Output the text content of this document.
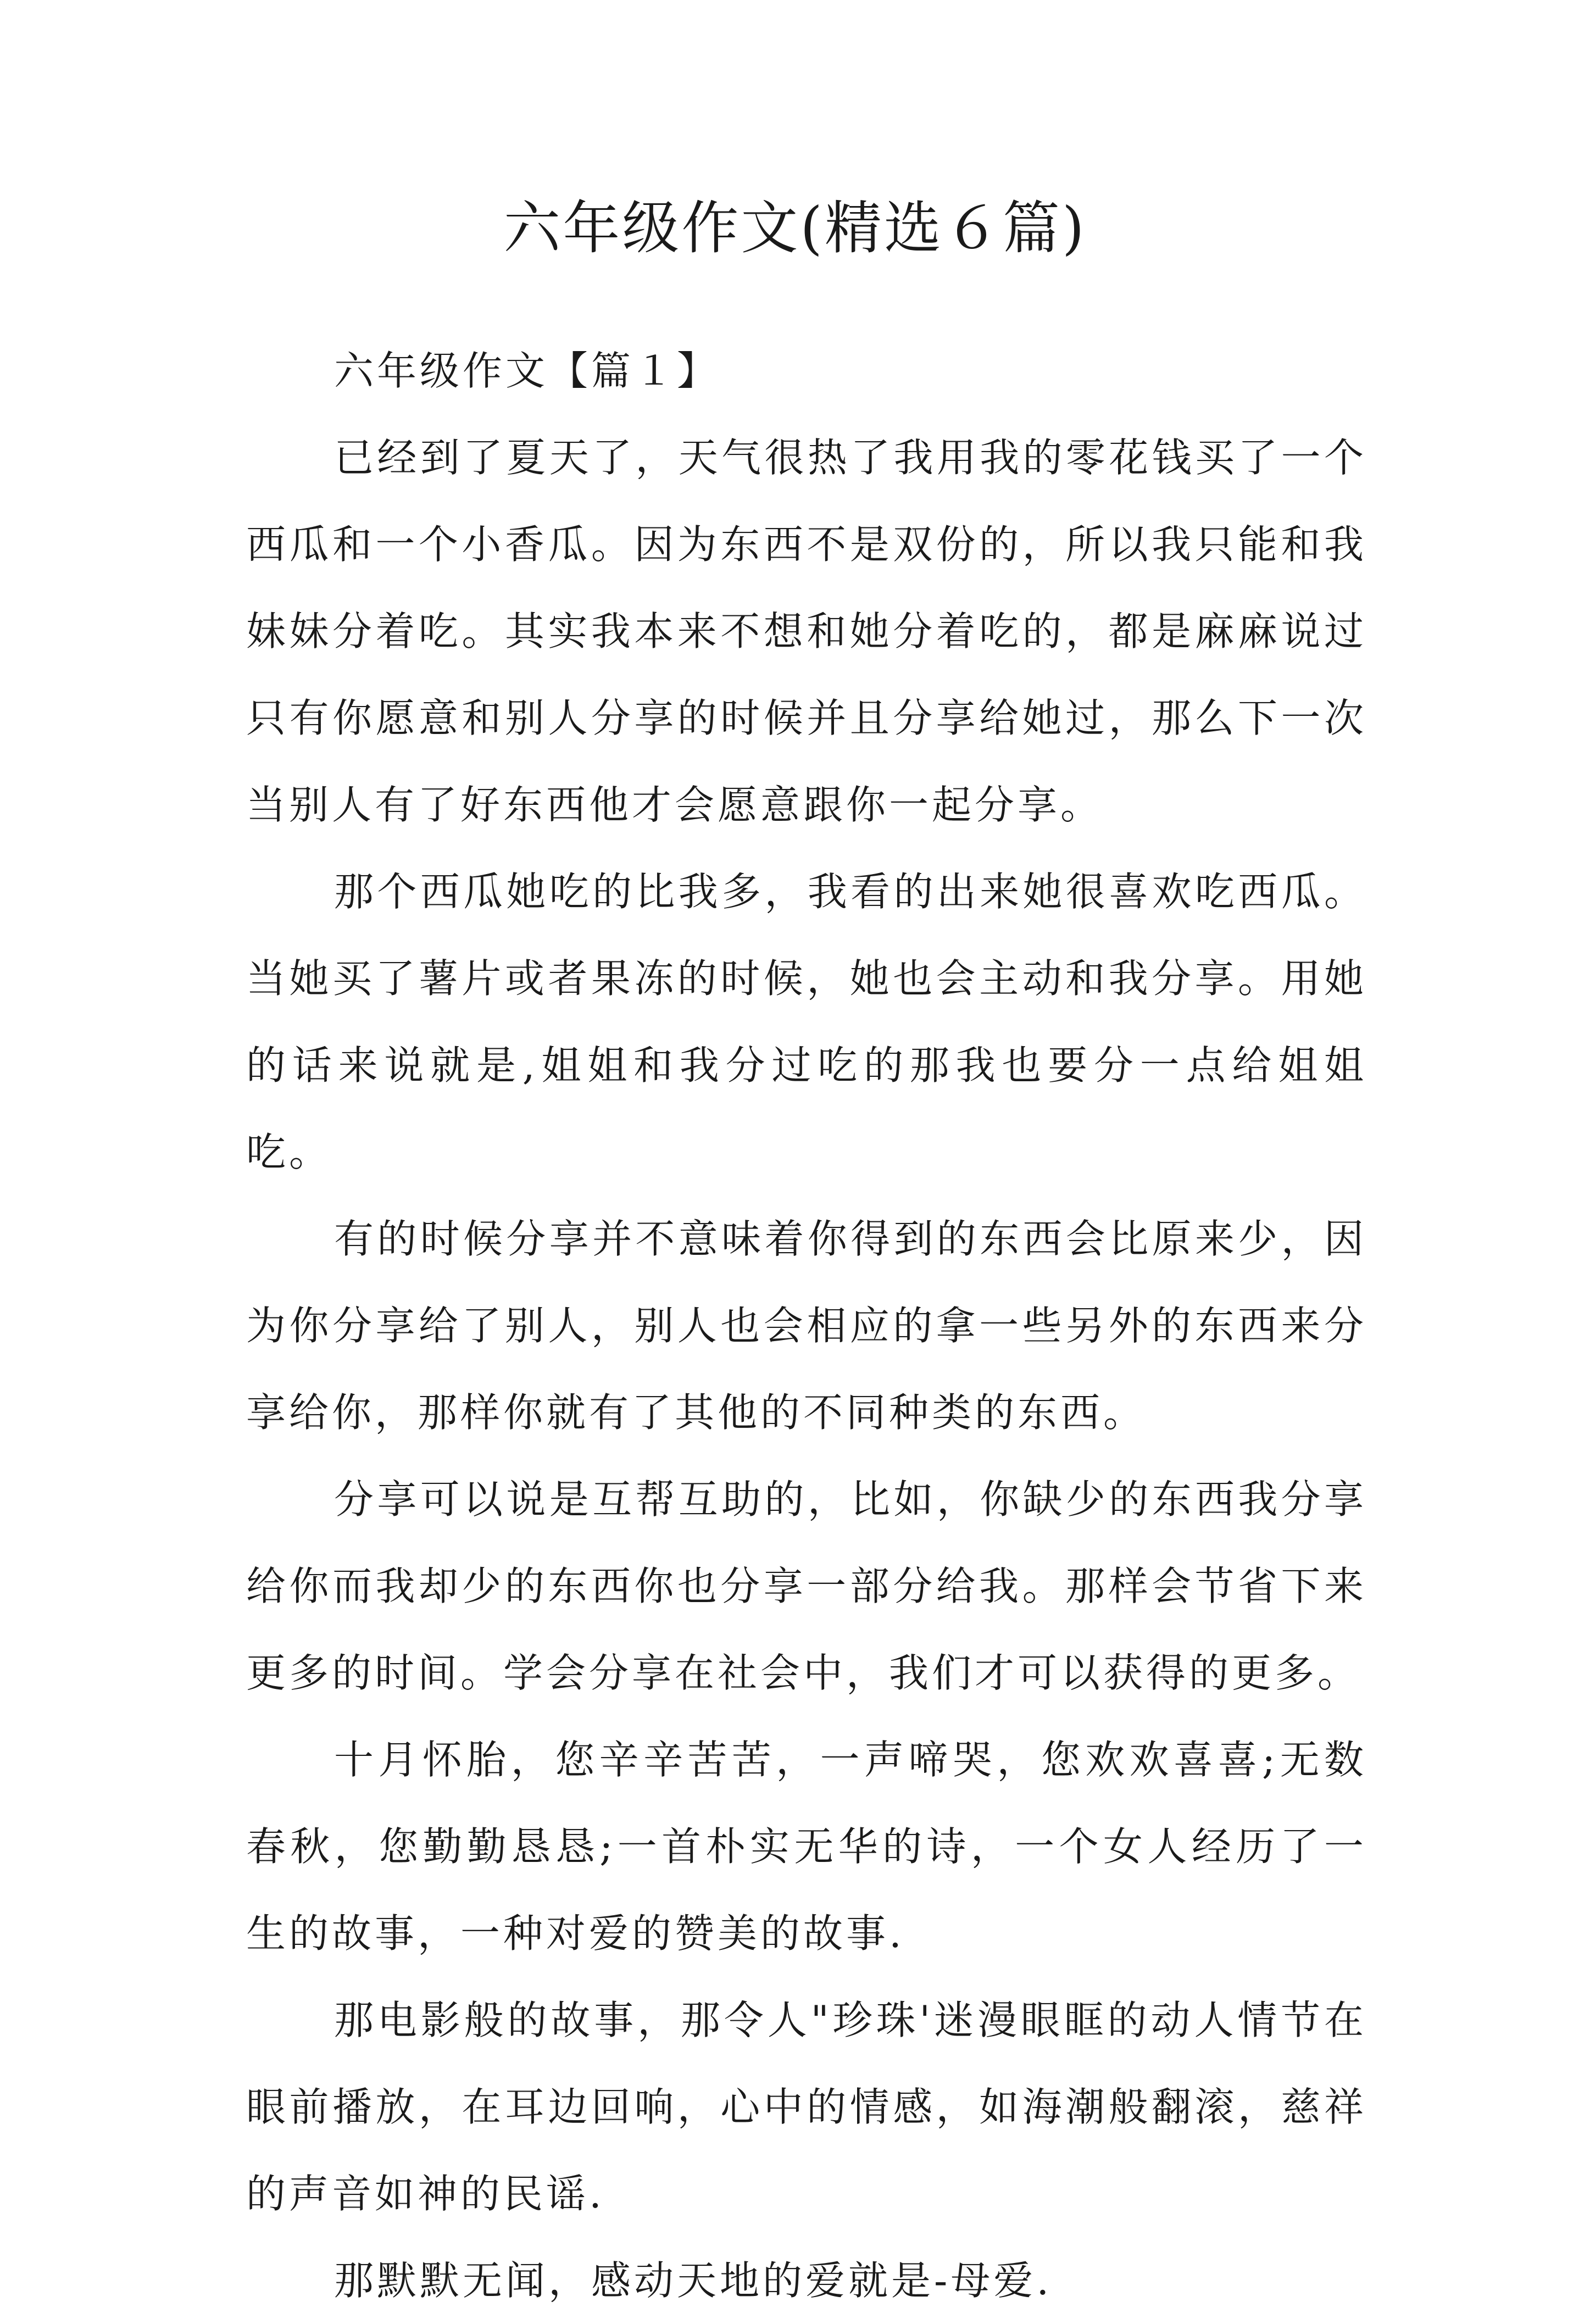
六年级作文(精选６篇)

六年级作文【篇１】

已经到了夏天了，天气很热了我用我的零花钱买了一个西瓜和一个小香瓜。因为东西不是双份的，所以我只能和我妹妹分着吃。其实我本来不想和她分着吃的，都是麻麻说过只有你愿意和别人分享的时候并且分享给她过，那么下一次当别人有了好东西他才会愿意跟你一起分享。

那个西瓜她吃的比我多，我看的出来她很喜欢吃西瓜。当她买了薯片或者果冻的时候，她也会主动和我分享。用她的话来说就是,姐姐和我分过吃的那我也要分一点给姐姐吃。

有的时候分享并不意味着你得到的东西会比原来少，因为你分享给了别人，别人也会相应的拿一些另外的东西来分享给你，那样你就有了其他的不同种类的东西。

分享可以说是互帮互助的，比如，你缺少的东西我分享给你而我却少的东西你也分享一部分给我。那样会节省下来更多的时间。学会分享在社会中，我们才可以获得的更多。

十月怀胎，您辛辛苦苦，一声啼哭，您欢欢喜喜;无数春秋，您勤勤恳恳;一首朴实无华的诗，一个女人经历了一生的故事，一种对爱的赞美的故事.

那电影般的故事，那令人"珍珠'迷漫眼眶的动人情节在眼前播放，在耳边回响，心中的情感，如海潮般翻滚，慈祥的声音如神的民谣.

那默默无闻，感动天地的爱就是-母爱.
